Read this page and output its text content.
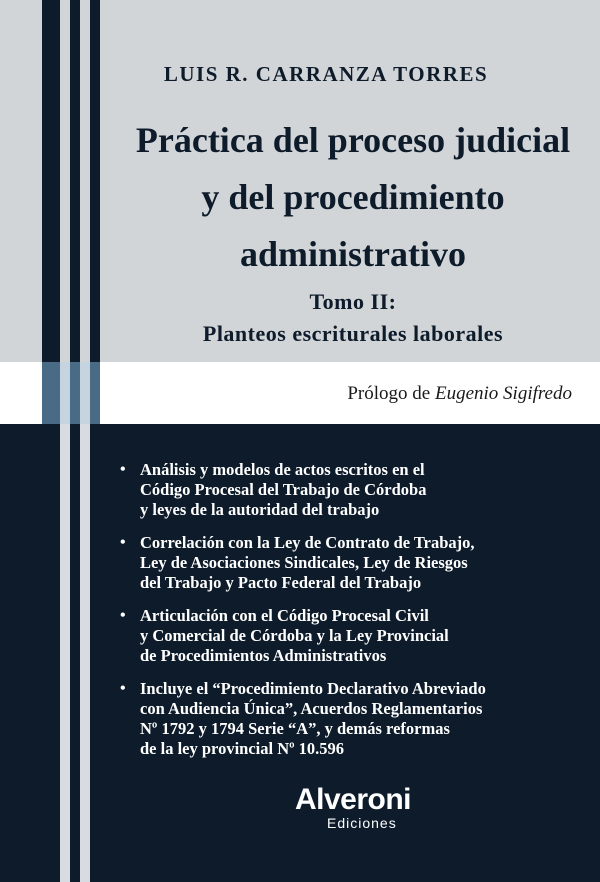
LUIS R. CARRANZA TORRES
Práctica del proceso judicial
y del procedimiento
administrativo
Tomo II:
Planteos escriturales laborales
Prólogo de Eugenio Sigifredo
• Análisis y modelos de actos escritos en el
Código Procesal del Trabajo de Córdoba
y leyes de la autoridad del trabajo
• Correlación con la Ley de Contrato de Trabajo,
Ley de Asociaciones Sindicales, Ley de Riesgos
del Trabajo y Pacto Federal del Trabajo
• Articulación con el Código Procesal Civil
y Comercial de Córdoba y la Ley Provincial
de Procedimientos Administrativos
• Incluye el “Procedimiento Declarativo Abreviado
con Audiencia Única”, Acuerdos Reglamentarios
Nº 1792 y 1794 Serie “A”, y demás reformas
de la ley provincial Nº 10.596
Alveroni
Ediciones
